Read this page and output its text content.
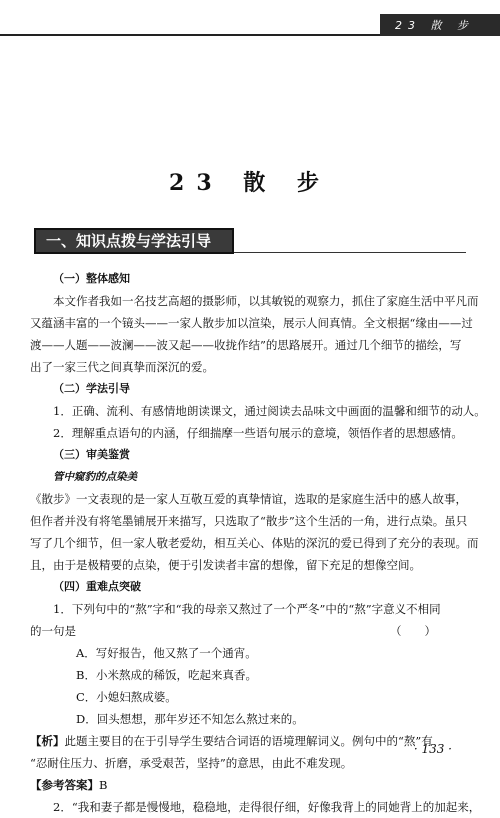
23 散 步
23 散 步
一、知识点拨与学法引导
（一）整体感知
本文作者我如一名技艺高超的摄影师，以其敏锐的观察力，抓住了家庭生活中平凡而
又蕴涵丰富的一个镜头——一家人散步加以渲染，展示人间真情。全文根据“缘由——过
渡——人题——波澜——波又起——收拢作结”的思路展开。通过几个细节的描绘，写
出了一家三代之间真挚而深沉的爱。
（二）学法引导
1．正确、流利、有感情地朗读课文，通过阅读去品味文中画面的温馨和细节的动人。
2．理解重点语句的内涵，仔细揣摩一些语句展示的意境，领悟作者的思想感情。
（三）审美鉴赏
管中窥豹的点染美
《散步》一文表现的是一家人互敬互爱的真挚情谊，选取的是家庭生活中的感人故事，
但作者并没有将笔墨铺展开来描写，只选取了“散步”这个生活的一角，进行点染。虽只
写了几个细节，但一家人敬老爱幼，相互关心、体贴的深沉的爱已得到了充分的表现。而
且，由于是极精要的点染，便于引发读者丰富的想像，留下充足的想像空间。
（四）重难点突破
1．下列句中的“熬”字和“我的母亲又熬过了一个严冬”中的“熬”字意义不相同
的一句是	（　　）
A．写好报告，他又熬了一个通宵。
B．小米熬成的稀饭，吃起来真香。
C．小媳妇熬成婆。
D．回头想想，那年岁还不知怎么熬过来的。
【析】此题主要目的在于引导学生要结合词语的语境理解词义。例句中的“熬”有
“忍耐住压力、折磨，承受艰苦，坚持”的意思，由此不难发现。
【参考答案】B
2．“我和妻子都是慢慢地，稳稳地，走得很仔细，好像我背上的同她背上的加起来，
· 133 ·
